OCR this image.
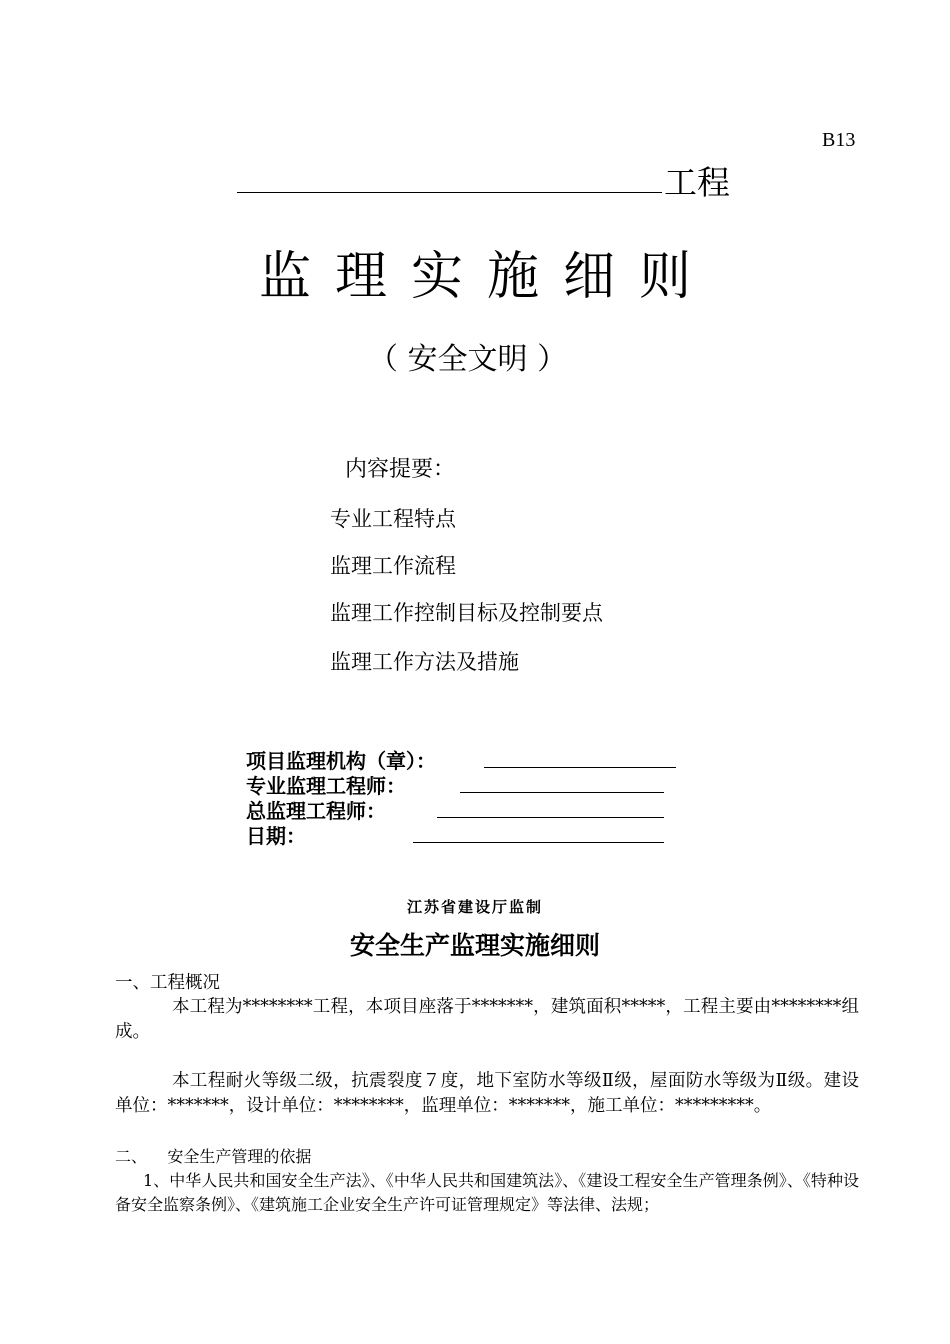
B13
工程
监理实施细则
（ 安全文明 ）
内容提要：
专业工程特点
监理工作流程
监理工作控制目标及控制要点
监理工作方法及措施
项目监理机构（章）：
专业监理工程师：
总监理工程师：
日期：
江苏省建设厅监制
安全生产监理实施细则
一、工程概况
本工程为********工程，本项目座落于*******，建筑面积*****，工程主要由********组成。
本工程耐火等级二级，抗震裂度７度，地下室防水等级Ⅱ级，屋面防水等级为Ⅱ级。建设单位：*******，设计单位：********，监理单位：*******，施工单位：*********。
二、    安全生产管理的依据
1、中华人民共和国安全生产法》、《中华人民共和国建筑法》、《建设工程安全生产管理条例》、《特种设备安全监察条例》、《建筑施工企业安全生产许可证管理规定》等法律、法规；
